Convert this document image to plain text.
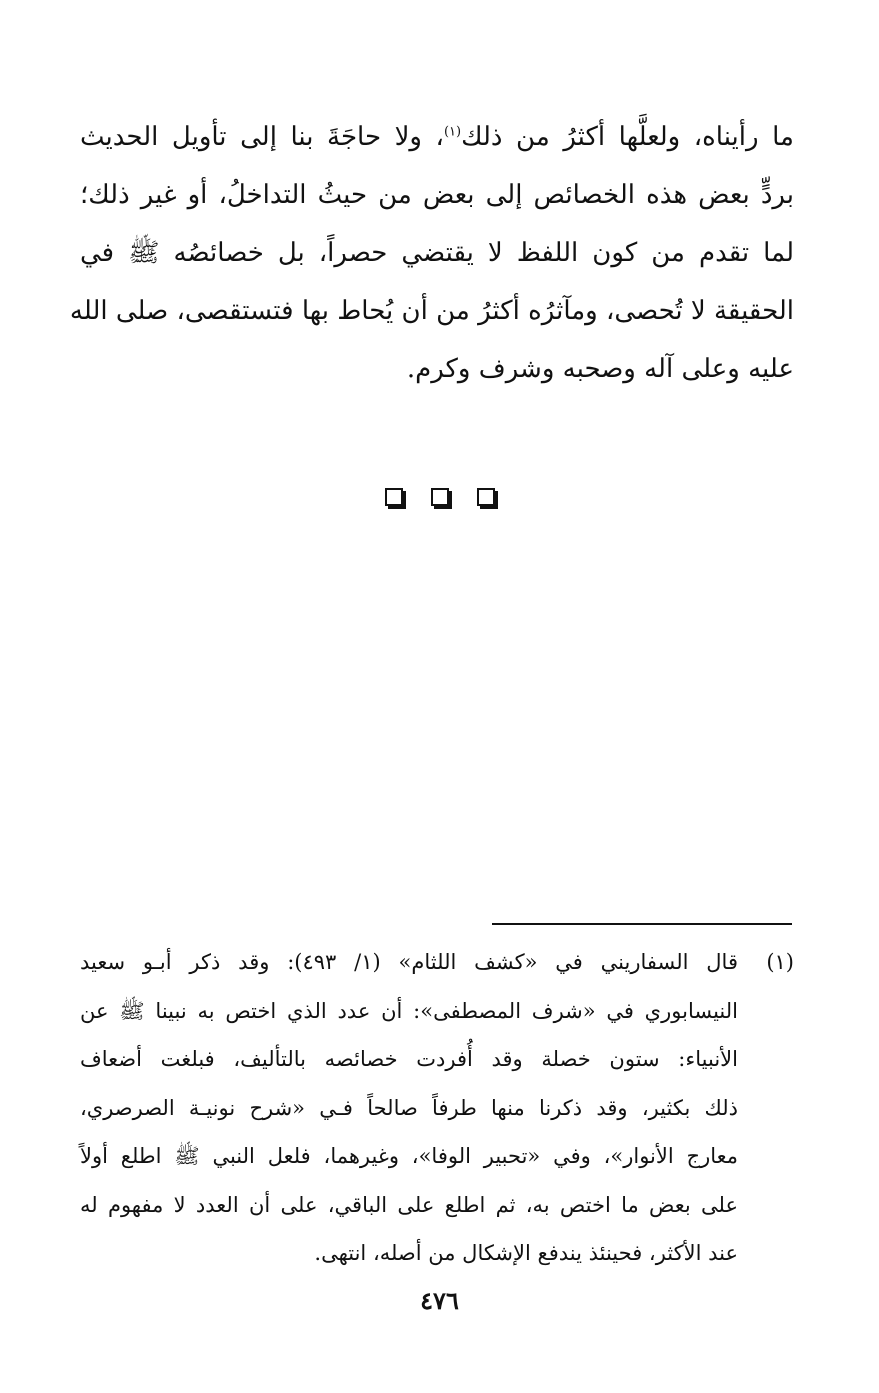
ما رأيناه، ولعلَّها أكثرُ من ذلك$^{(١)}$، ولا حاجَةَ بنا إلى تأويل الحديث
بردٍّ بعض هذه الخصائص إلى بعض من حيثُ التداخلُ، أو غير ذلك؛
لما تقدم من كون اللفظ لا يقتضي حصراً، بل خصائصُه ﷺ في
الحقيقة لا تُحصى، ومآثرُه أكثرُ من أن يُحاط بها فتستقصى، صلى الله
عليه وعلى آله وصحبه وشرف وكرم.
(١)
قال السفاريني في «كشف اللثام» (١/ ٤٩٣): وقد ذكر أبـو سعيد
النيسابوري في «شرف المصطفى»: أن عدد الذي اختص به نبينا ﷺ عن
الأنبياء: ستون خصلة وقد أُفردت خصائصه بالتأليف، فبلغت أضعاف
ذلك بكثير، وقد ذكرنا منها طرفاً صالحاً فـي «شرح نونيـة الصرصري،
معارج الأنوار»، وفي «تحبير الوفا»، وغيرهما، فلعل النبي ﷺ اطلع أولاً
على بعض ما اختص به، ثم اطلع على الباقي، على أن العدد لا مفهوم له
عند الأكثر، فحينئذ يندفع الإشكال من أصله، انتهى.
٤٧٦
